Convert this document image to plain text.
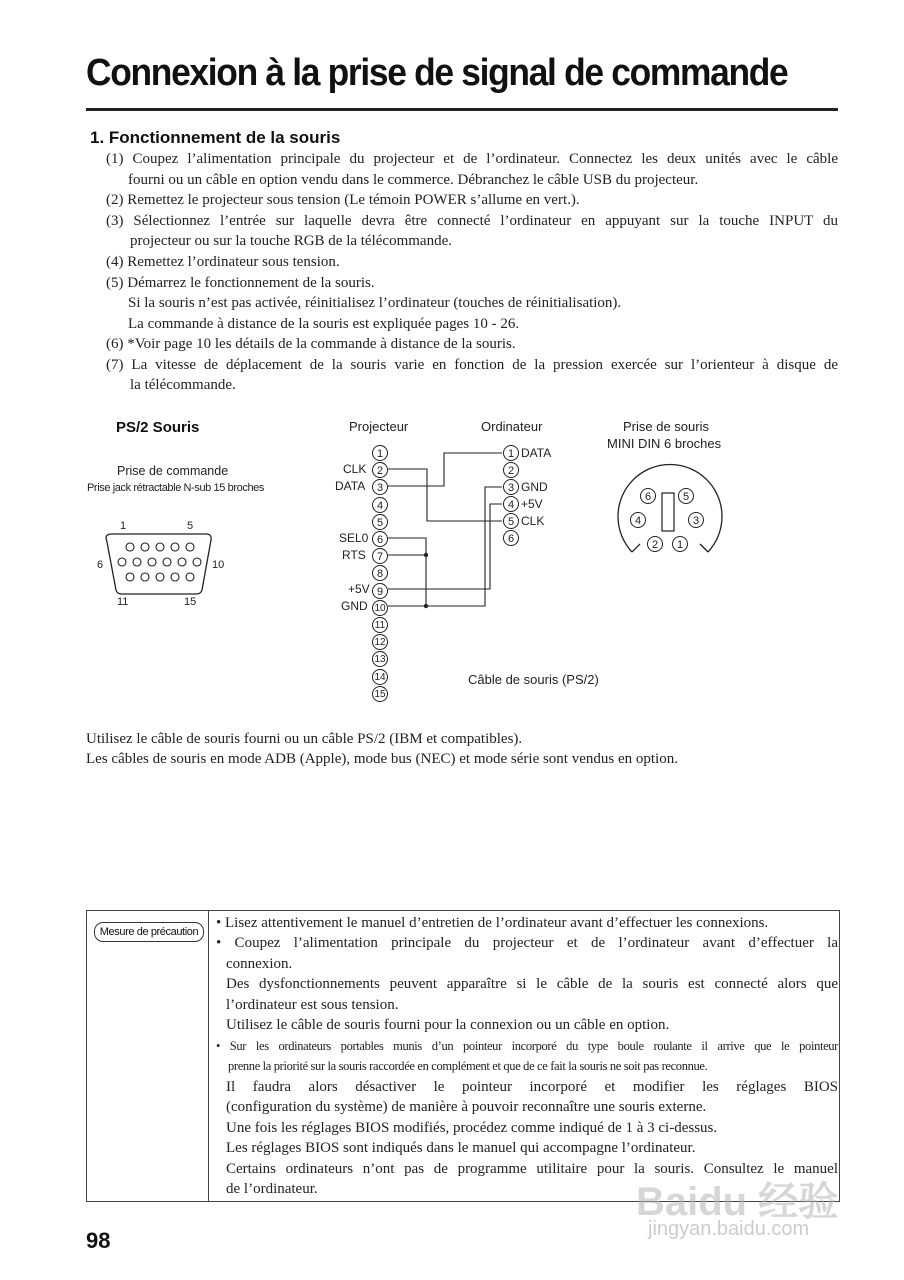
Connexion à la prise de signal de commande
1. Fonctionnement de la souris
(1) Coupez l’alimentation principale du projecteur et de l’ordinateur. Connectez les deux unités avec le câble
fourni ou un câble en option vendu dans le commerce. Débranchez le câble USB du projecteur.
(2) Remettez le projecteur sous tension (Le témoin POWER s’allume en vert.).
(3) Sélectionnez l’entrée sur laquelle devra être connecté l’ordinateur en appuyant sur la touche INPUT du
projecteur ou sur la touche RGB de la télécommande.
(4) Remettez l’ordinateur sous tension.
(5) Démarrez le fonctionnement de la souris.
Si la souris n’est pas activée, réinitialisez l’ordinateur (touches de réinitialisation).
La commande à distance de la souris est expliquée pages 10 - 26.
(6) *Voir page 10 les détails de la commande à distance de la souris.
(7) La vitesse de déplacement de la souris varie en fonction de la pression exercée sur l’orienteur à disque de
la télécommande.
PS/2 Souris
Prise de commande
Prise jack rétractable N-sub 15 broches
1	5
6	10
11	15
Projecteur	Ordinateur	Prise de souris
MINI DIN 6 broches
CLK
DATA
SEL0
RTS
+5V
GND
DATA
GND
+5V
CLK
Câble de souris (PS/2)
Utilisez le câble de souris fourni ou un câble PS/2 (IBM et compatibles).
Les câbles de souris en mode ADB (Apple), mode bus (NEC) et mode série sont vendus en option.
Mesure de précaution
• Lisez attentivement le manuel d’entretien de l’ordinateur avant d’effectuer les connexions.
• Coupez l’alimentation principale du projecteur et de l’ordinateur avant d’effectuer la
connexion.
Des dysfonctionnements peuvent apparaître si le câble de la souris est connecté alors que
l’ordinateur est sous tension.
Utilisez le câble de souris fourni pour la connexion ou un câble en option.
• Sur les ordinateurs portables munis d’un pointeur incorporé du type boule roulante il arrive que le pointeur
prenne la priorité sur la souris raccordée en complément et que de ce fait la souris ne soit pas reconnue.
Il faudra alors désactiver le pointeur incorporé et modifier les réglages BIOS
(configuration du système) de manière à pouvoir reconnaître une souris externe.
Une fois les réglages BIOS modifiés, procédez comme indiqué de 1 à 3 ci-dessus.
Les réglages BIOS sont indiqués dans le manuel qui accompagne l’ordinateur.
Certains ordinateurs n’ont pas de programme utilitaire pour la souris. Consultez le manuel
de l’ordinateur.
98
Baidu 经验
jingyan.baidu.com
1
2
3
4
5
6
7
8
9
10
11
12
13
14
15
1
2
3
4
5
6
6	5
4	3
2	1
